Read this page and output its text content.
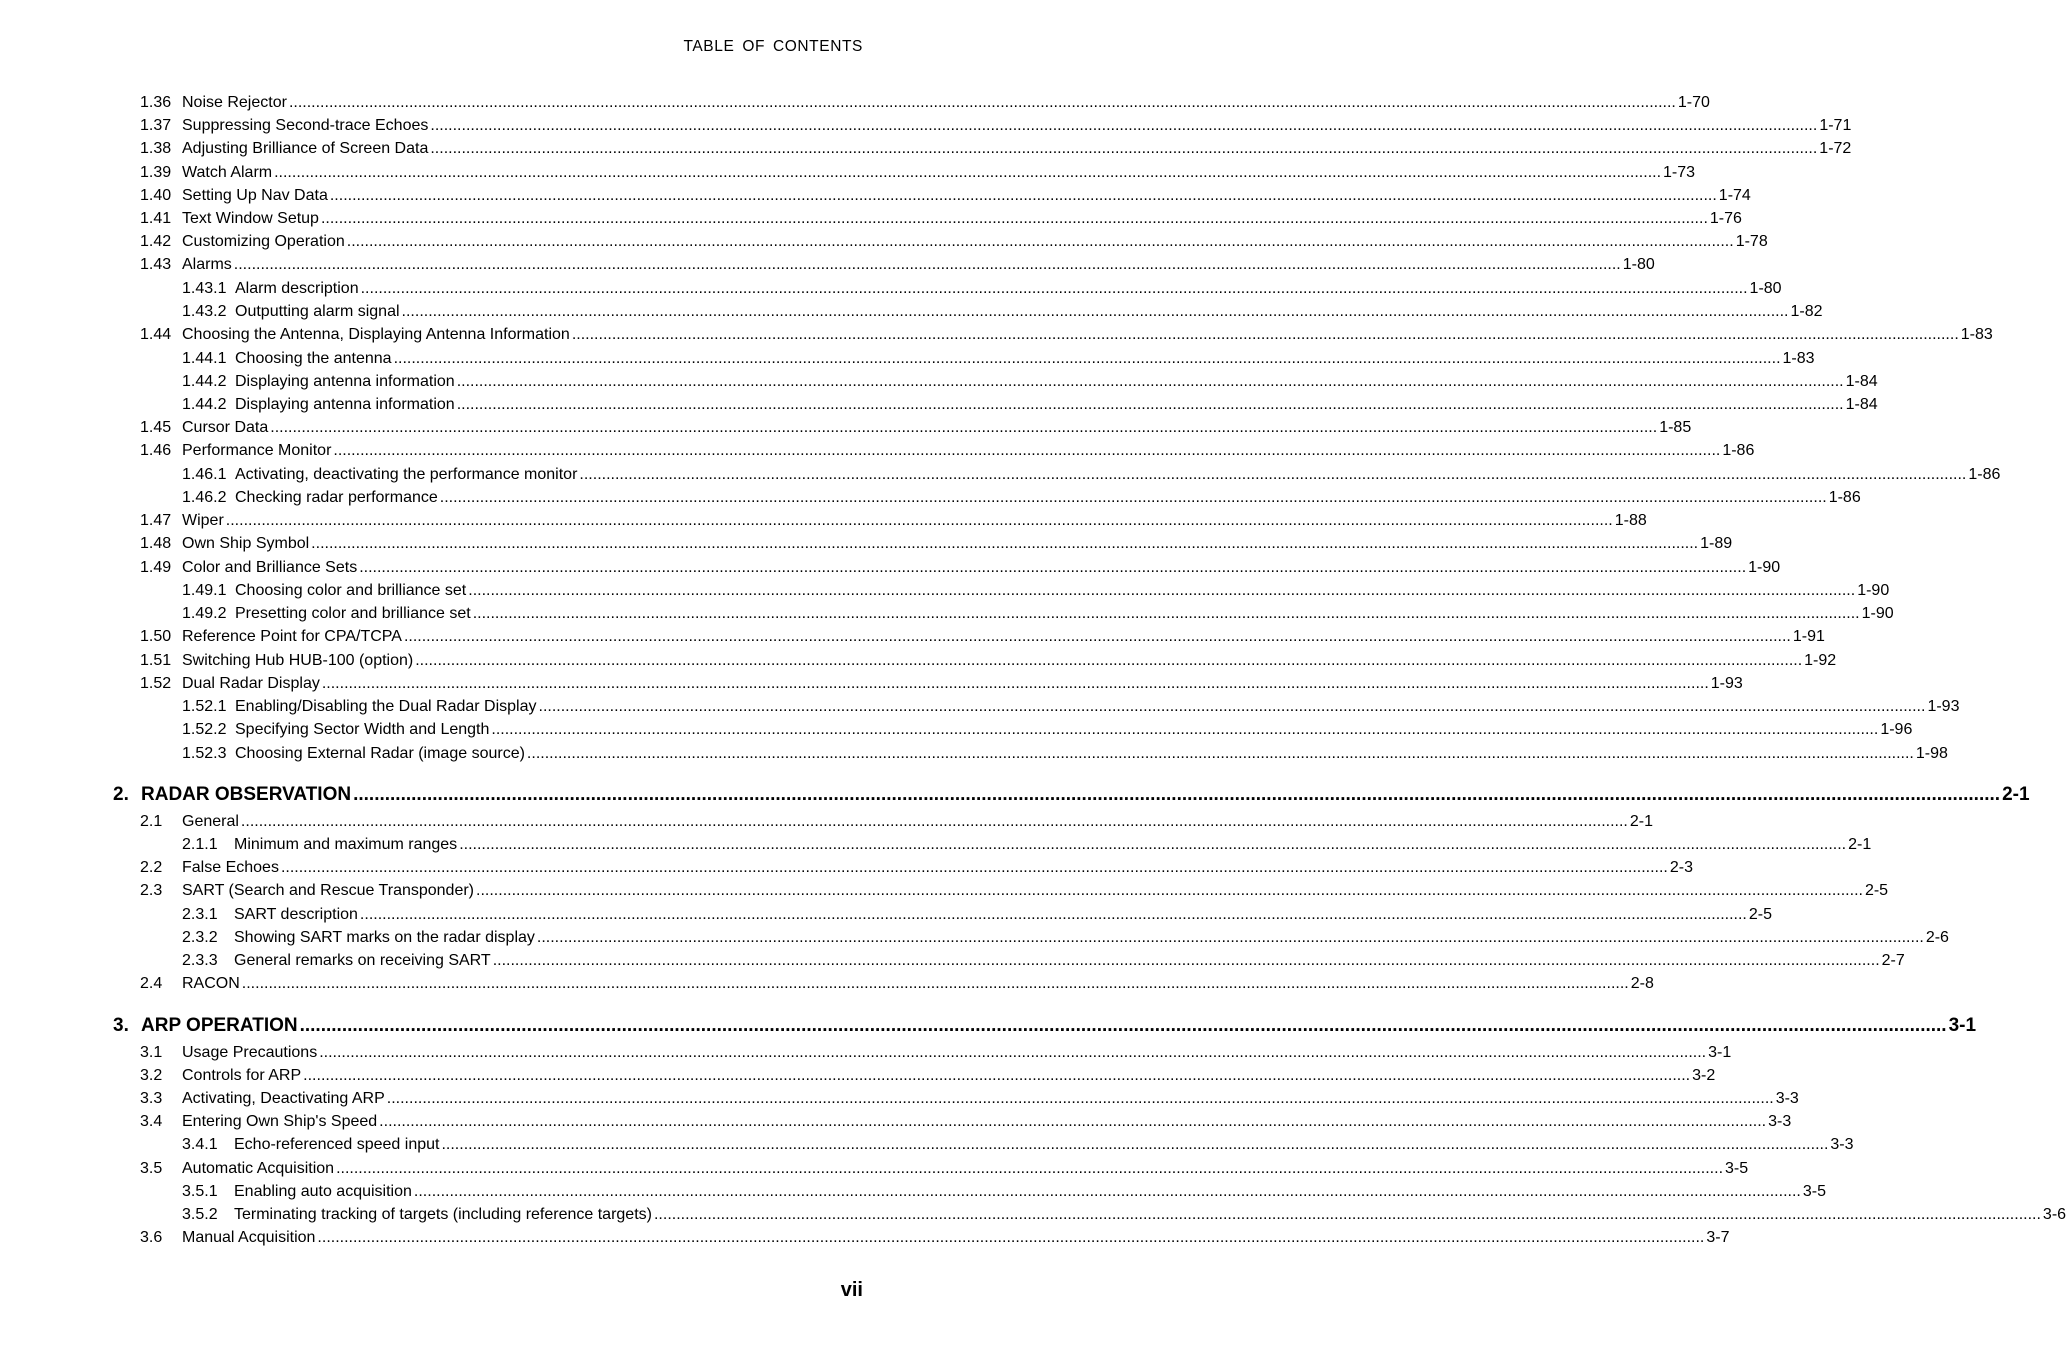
TABLE OF CONTENTS
1.36 Noise Rejector .....	1-70
1.37 Suppressing Second-trace Echoes .....	1-71
1.38 Adjusting Brilliance of Screen Data .....	1-72
1.39 Watch Alarm .....	1-73
1.40 Setting Up Nav Data .....	1-74
1.41 Text Window Setup .....	1-76
1.42 Customizing Operation .....	1-78
1.43 Alarms .....	1-80
1.43.1 Alarm description .....	1-80
1.43.2 Outputting alarm signal .....	1-82
1.44 Choosing the Antenna, Displaying Antenna Information .....	1-83
1.44.1 Choosing the antenna .....	1-83
1.44.2 Displaying antenna information .....	1-84
1.44.2 Displaying antenna information .....	1-84
1.45 Cursor Data .....	1-85
1.46 Performance Monitor .....	1-86
1.46.1 Activating, deactivating the performance monitor .....	1-86
1.46.2 Checking radar performance .....	1-86
1.47 Wiper .....	1-88
1.48 Own Ship Symbol .....	1-89
1.49 Color and Brilliance Sets .....	1-90
1.49.1 Choosing color and brilliance set .....	1-90
1.49.2 Presetting color and brilliance set .....	1-90
1.50 Reference Point for CPA/TCPA .....	1-91
1.51 Switching Hub HUB-100 (option) .....	1-92
1.52 Dual Radar Display .....	1-93
1.52.1 Enabling/Disabling the Dual Radar Display .....	1-93
1.52.2 Specifying Sector Width and Length .....	1-96
1.52.3 Choosing External Radar (image source) .....	1-98
2. RADAR OBSERVATION .....	2-1
2.1	General .....	2-1
2.1.1	Minimum and maximum ranges .....	2-1
2.2	False Echoes .....	2-3
2.3	SART (Search and Rescue Transponder) .....	2-5
2.3.1	SART description .....	2-5
2.3.2	Showing SART marks on the radar display .....	2-6
2.3.3	General remarks on receiving SART .....	2-7
2.4	RACON .....	2-8
3. ARP OPERATION .....	3-1
3.1	Usage Precautions .....	3-1
3.2	Controls for ARP .....	3-2
3.3	Activating, Deactivating ARP .....	3-3
3.4	Entering Own Ship's Speed .....	3-3
3.4.1	Echo-referenced speed input .....	3-3
3.5	Automatic Acquisition .....	3-5
3.5.1	Enabling auto acquisition .....	3-5
3.5.2	Terminating tracking of targets (including reference targets) .....	3-6
3.6	Manual Acquisition .....	3-7
vii
